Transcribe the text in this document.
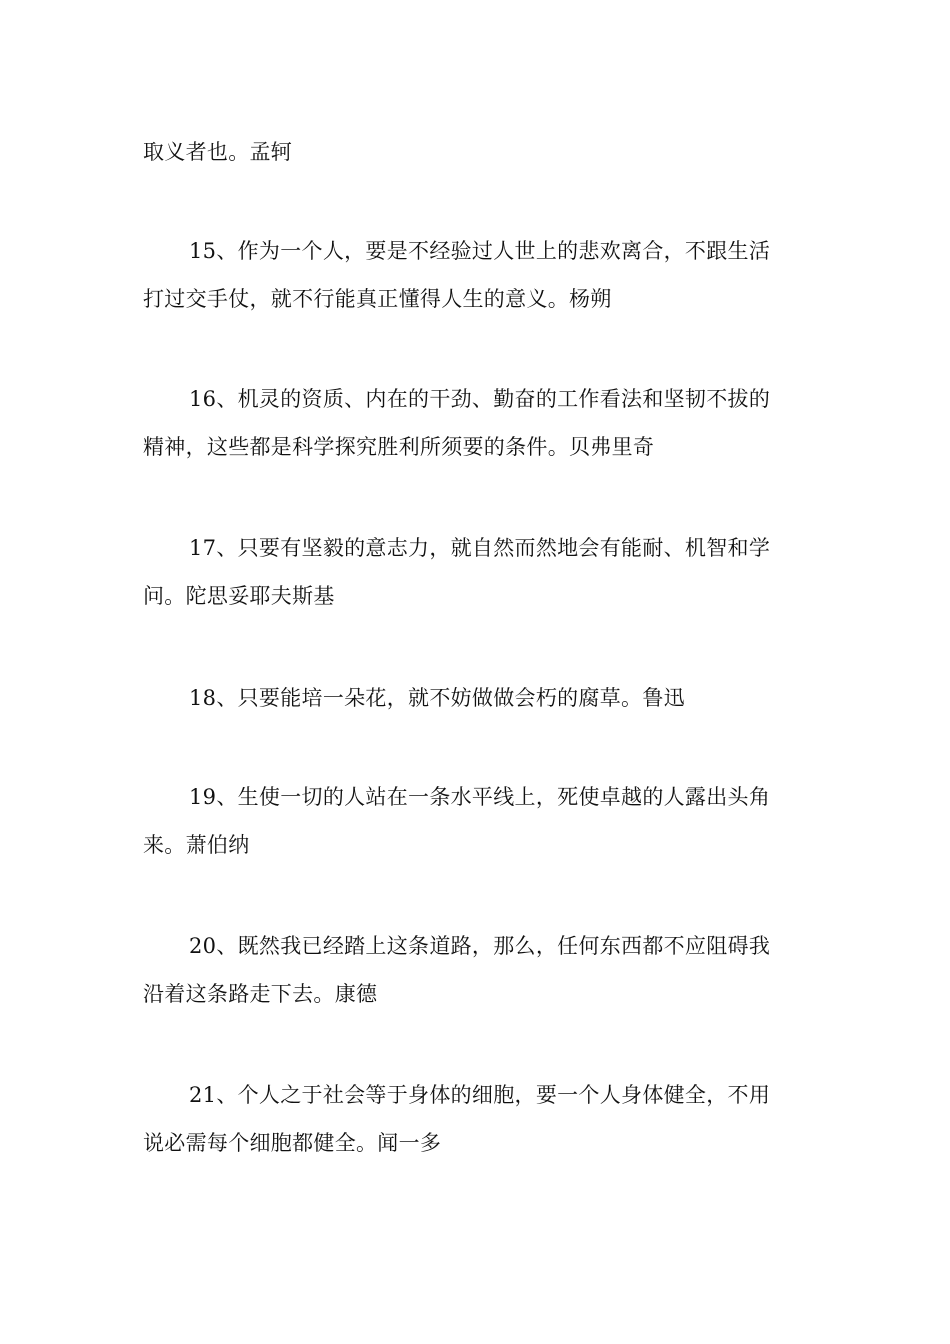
取义者也。孟轲

15、作为一个人，要是不经验过人世上的悲欢离合，不跟生活
打过交手仗，就不行能真正懂得人生的意义。杨朔

16、机灵的资质、内在的干劲、勤奋的工作看法和坚韧不拔的
精神，这些都是科学探究胜利所须要的条件。贝弗里奇

17、只要有坚毅的意志力，就自然而然地会有能耐、机智和学
问。陀思妥耶夫斯基

18、只要能培一朵花，就不妨做做会朽的腐草。鲁迅

19、生使一切的人站在一条水平线上，死使卓越的人露出头角
来。萧伯纳

20、既然我已经踏上这条道路，那么，任何东西都不应阻碍我
沿着这条路走下去。康德

21、个人之于社会等于身体的细胞，要一个人身体健全，不用
说必需每个细胞都健全。闻一多
